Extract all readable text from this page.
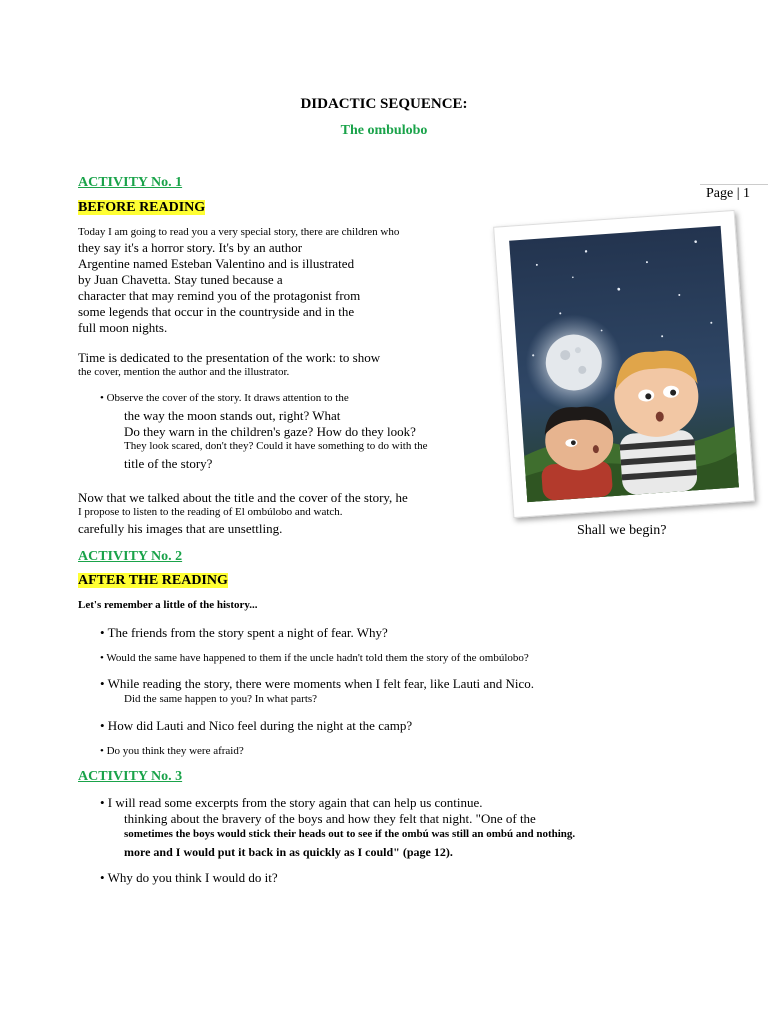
DIDACTIC SEQUENCE:

The ombulobo

Page | 1

ACTIVITY No. 1

BEFORE READING

Today I am going to read you a very special story, there are children who
they say it's a horror story. It's by an author
Argentine named Esteban Valentino and is illustrated
by Juan Chavetta. Stay tuned because a
character that may remind you of the protagonist from
some legends that occur in the countryside and in the
full moon nights.
Time is dedicated to the presentation of the work: to show
the cover, mention the author and the illustrator.
• Observe the cover of the story. It draws attention to the
the way the moon stands out, right? What
Do they warn in the children's gaze? How do they look?
They look scared, don't they? Could it have something to do with the
title of the story?
Now that we talked about the title and the cover of the story, he
I propose to listen to the reading of El ombúlobo and watch.
carefully his images that are unsettling.	Shall we begin?

ACTIVITY No. 2

AFTER THE READING

Let's remember a little of the history...

• The friends from the story spent a night of fear. Why?

• Would the same have happened to them if the uncle hadn't told them the story of the ombúlobo?

• While reading the story, there were moments when I felt fear, like Lauti and Nico.

Did the same happen to you? In what parts?

• How did Lauti and Nico feel during the night at the camp?

• Do you think they were afraid?

ACTIVITY No. 3

• I will read some excerpts from the story again that can help us continue.

thinking about the bravery of the boys and how they felt that night. "One of the

sometimes the boys would stick their heads out to see if the ombú was still an ombú and nothing.

more and I would put it back in as quickly as I could" (page 12).

• Why do you think I would do it?
